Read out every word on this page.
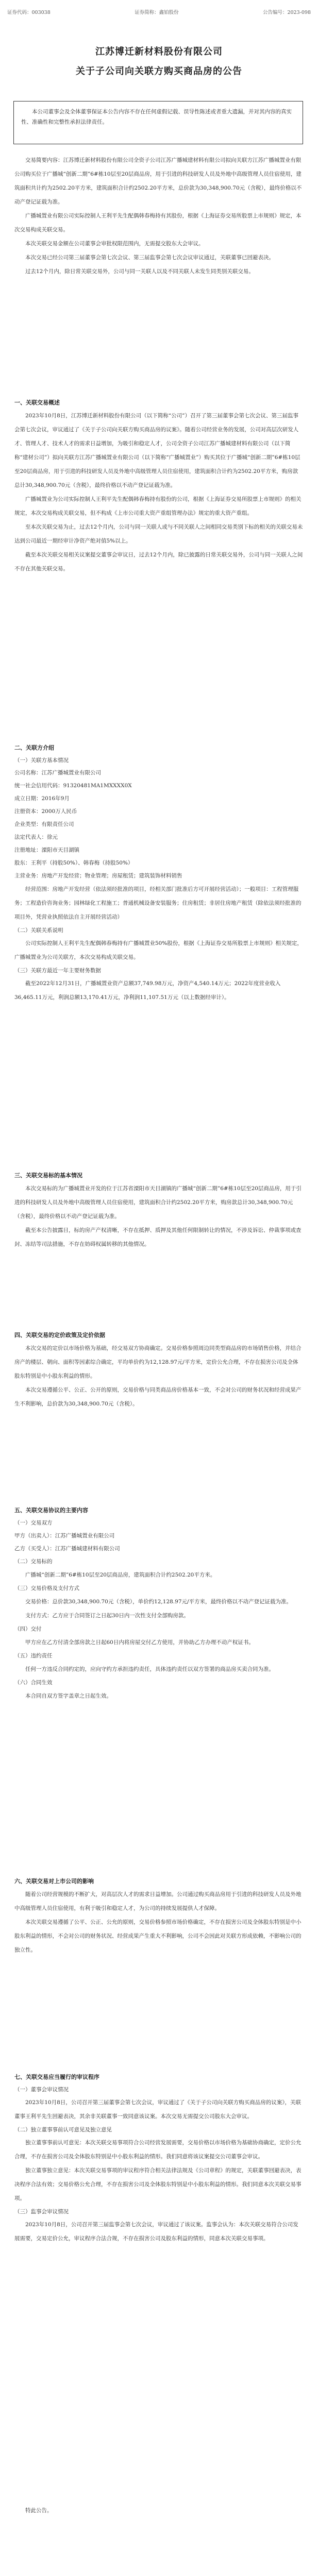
证券代码：003038	证券简称：鑫铂股份	公告编号：2023-098
江苏博迁新材料股份有限公司
关于子公司向关联方购买商品房的公告
本公司董事会及全体董事保证本公告内容不存在任何虚假记载、误导性陈述或者重大遗漏，并对其内容的真实性、准确性和完整性承担法律责任。

交易简要内容：江苏博迁新材料股份有限公司全资子公司江苏广播城建材料有限公司拟向关联方江苏广播城置业有限公司购买位于广播城“创新二期”6#栋10层至20层商品房，用于引进的科技研发人员及外地中高级管理人员住宿使用，建筑面积共计约为2502.20平方米，建筑面积合计约2502.20平方米，总价款为30,348,900.70元（含税），最终价格以不动产登记证载为准。

广播城置业有限公司实际控制人王利平先生配偶韩春梅持有其股份，根据《上海证券交易所股票上市规则》规定，本次交易构成关联交易。

本次关联交易金额在公司董事会审批权限范围内，无需提交股东大会审议。

本次交易已经公司第三届董事会第七次会议、第三届监事会第七次会议审议通过，关联董事已回避表决。

过去12个月内，除日常关联交易外，公司与同一关联人以及不同关联人未发生同类别关联交易。

一、关联交易概述

2023年10月8日，江苏博迁新材料股份有限公司（以下简称“公司”）召开了第三届董事会第七次会议、第三届监事会第七次会议，审议通过了《关于子公司向关联方购买商品房的议案》。随着公司经营业务的发展，公司对高层次研发人才、管理人才、技术人才的需求日益增加，为吸引和稳定人才，公司全资子公司江苏广播城建材料有限公司（以下简称“建材公司”）拟向关联方江苏广播城置业有限公司（以下简称“广播城置业”）购买其位于广播城“创新二期”6#栋10层至20层商品房，用于引进的科技研发人员及外地中高级管理人员住宿使用，建筑面积合计约为2502.20平方米，购房款总计30,348,900.70元（含税），最终价格以不动产登记证载为准。

广播城置业为公司实际控制人王利平先生配偶韩春梅持有股份的公司，根据《上海证券交易所股票上市规则》的相关规定，本次交易构成关联交易，但不构成《上市公司重大资产重组管理办法》规定的重大资产重组。

至本次关联交易为止，过去12个月内，公司与同一关联人或与不同关联人之间相同交易类别下标的相关的关联交易未达到公司最近一期经审计净资产绝对值5%以上。

截至本次关联交易相关议案提交董事会审议日，过去12个月内，除已披露的日常关联交易外，公司与同一关联人之间不存在其他关联交易。

二、关联方介绍

（一）关联方基本情况

公司名称：江苏广播城置业有限公司

统一社会信用代码：91320481MA1MXXXX0X

成立日期：2016年9月

注册资本：2000万人民币

企业类型：有限责任公司

法定代表人：徐元

注册地址：溧阳市天目湖镇

股东：王利平（持股50%）、韩春梅（持股50%）

主营业务：房地产开发经营；物业管理；房屋租赁；建筑装饰材料销售

经营范围：房地产开发经营（依法须经批准的项目，经相关部门批准后方可开展经营活动）；一般项目：工程管理服务；工程造价咨询业务；园林绿化工程施工；普通机械设备安装服务；住房租赁；非居住房地产租赁（除依法须经批准的项目外，凭营业执照依法自主开展经营活动）

（二）关联关系说明

公司实际控制人王利平先生配偶韩春梅持有广播城置业50%股份，根据《上海证券交易所股票上市规则》相关规定，广播城置业为公司关联方，本次交易构成关联交易。

（三）关联方最近一年主要财务数据

截至2022年12月31日，广播城置业资产总额37,749.98万元，净资产4,540.14万元；2022年度营业收入36,465.11万元，利润总额13,170.41万元，净利润11,107.51万元（以上数据经审计）。

三、关联交易标的基本情况

本次交易标的为广播城置业开发的位于江苏省溧阳市天目湖镇的广播城“创新二期”6#栋10层至20层商品房，用于引进的科技研发人员及外地中高级管理人员住宿使用，建筑面积合计约2502.20平方米，购房款总计30,348,900.70元（含税），最终价格以不动产登记证载为准。

截至本公告披露日，标的房产产权清晰，不存在抵押、质押及其他任何限制转让的情况，不涉及诉讼、仲裁事项或查封、冻结等司法措施，不存在妨碍权属转移的其他情况。

四、关联交易的定价政策及定价依据

本次交易的定价以市场价格为基础，经交易双方协商确定。交易价格参照周边同类型商品房的市场销售价格，并结合房产的楼层、朝向、面积等因素综合确定，平均单价约为12,128.97元/平方米，定价公允合理，不存在损害公司及全体股东特别是中小股东利益的情形。

本次交易遵循公平、公正、公开的原则，交易价格与同类商品房价格基本一致，不会对公司的财务状况和经营成果产生不利影响，总价款为30,348,900.70元（含税）。

五、关联交易协议的主要内容

（一）交易双方

甲方（出卖人）：江苏广播城置业有限公司

乙方（买受人）：江苏广播城建材料有限公司

（二）交易标的

广播城“创新二期”6#栋10层至20层商品房，建筑面积合计约2502.20平方米。

（三）交易价格及支付方式

交易价格：总价款30,348,900.70元（含税），单价约12,128.97元/平方米，最终价格以不动产登记证载为准。

支付方式：乙方应于合同签订之日起30日内一次性支付全部购房款。

（四）交付

甲方应在乙方付清全部房款之日起60日内将房屋交付乙方使用，并协助乙方办理不动产权证书。

（五）违约责任

任何一方违反合同约定的，应向守约方承担违约责任，具体违约责任以双方签署的商品房买卖合同为准。

（六）合同生效

本合同自双方签字盖章之日起生效。

六、关联交易对上市公司的影响

随着公司经营规模的不断扩大，对高层次人才的需求日益增加。公司通过购买商品房用于引进的科技研发人员及外地中高级管理人员住宿使用，有利于吸引和稳定人才，为公司的持续发展提供人才保障。

本次关联交易遵循了公平、公正、公允的原则，交易价格参照市场价格确定，不存在损害公司及全体股东特别是中小股东利益的情形，不会对公司的财务状况、经营成果产生重大不利影响，公司不会因此对关联方形成依赖，不影响公司的独立性。

七、关联交易应当履行的审议程序

（一）董事会审议情况

2023年10月8日，公司召开第三届董事会第七次会议，审议通过了《关于子公司向关联方购买商品房的议案》，关联董事王利平先生回避表决，其余非关联董事一致同意该议案。本次交易无需提交公司股东大会审议。

（二）独立董事事前认可意见及独立意见

独立董事事前认可意见：本次关联交易事项符合公司经营发展需要，交易价格以市场价格为基础协商确定，定价公允合理，不存在损害公司及全体股东特别是中小股东利益的情形。我们同意将该议案提交公司董事会审议。

独立董事独立意见：本次关联交易事项的审议程序符合相关法律法规及《公司章程》的规定，关联董事回避表决，表决程序合法有效；交易价格公允合理，不存在损害公司及全体股东特别是中小股东利益的情形。我们同意本次关联交易事项。

（三）监事会审议情况

2023年10月8日，公司召开第三届监事会第七次会议，审议通过了该议案。监事会认为：本次关联交易符合公司发展需要，交易定价公允，审议程序合法合规，不存在损害公司及股东利益的情形，同意本次关联交易事项。

特此公告。
